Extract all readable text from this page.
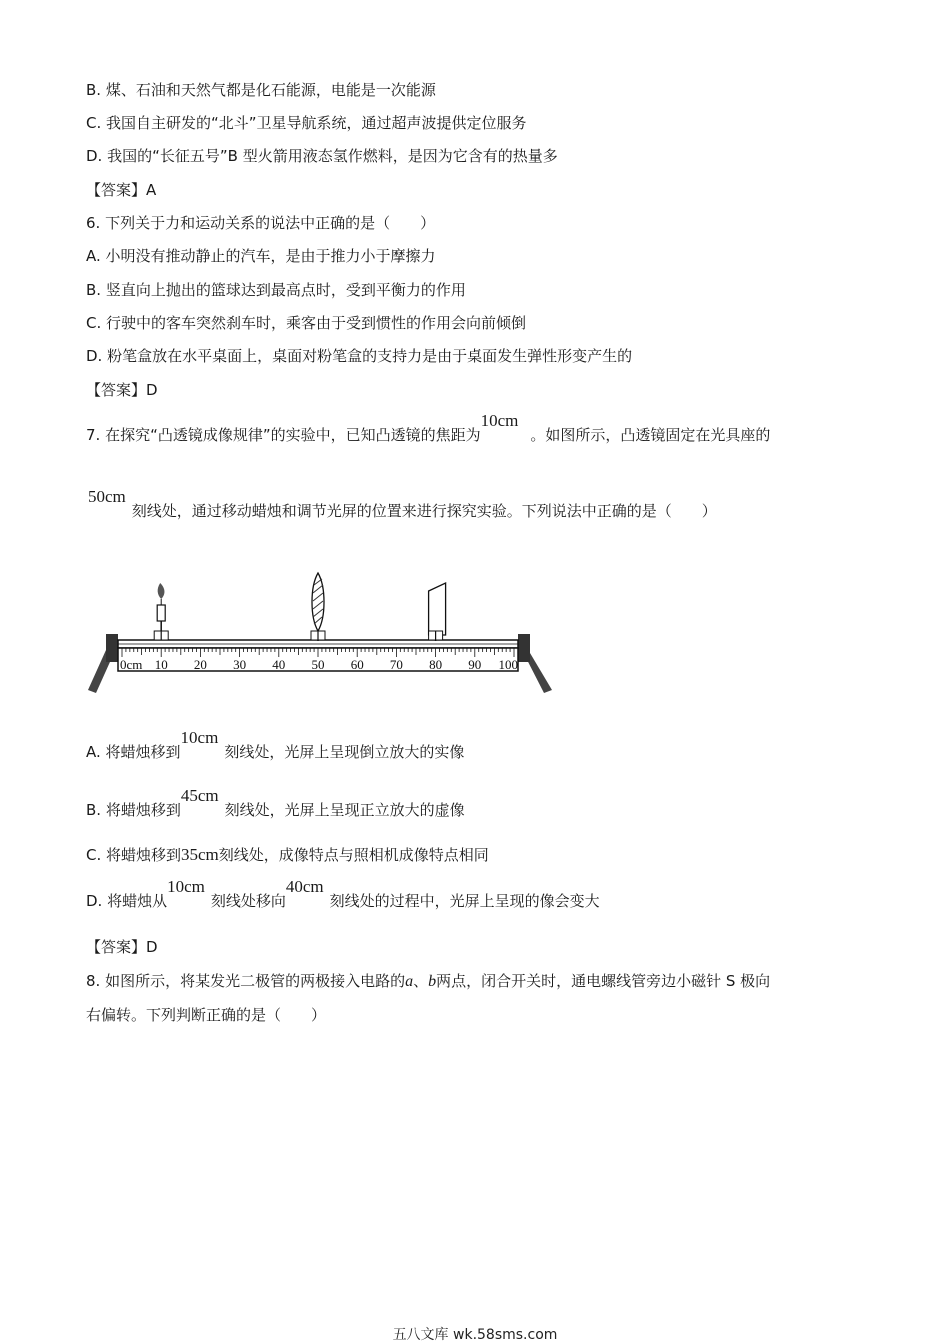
B. 煤、石油和天然气都是化石能源，电能是一次能源
C. 我国自主研发的“北斗”卫星导航系统，通过超声波提供定位服务
D. 我国的“长征五号”B 型火箭用液态氢作燃料，是因为它含有的热量多
【答案】A
6. 下列关于力和运动关系的说法中正确的是（　　）
A. 小明没有推动静止的汽车，是由于推力小于摩擦力
B. 竖直向上抛出的篮球达到最高点时，受到平衡力的作用
C. 行驶中的客车突然刹车时，乘客由于受到惯性的作用会向前倾倒
D. 粉笔盒放在水平桌面上，桌面对粉笔盒的支持力是由于桌面发生弹性形变产生的
【答案】D
7. 在探究“凸透镜成像规律”的实验中，已知凸透镜的焦距为10cm。如图所示，凸透镜固定在光具座的
50cm刻线处，通过移动蜡烛和调节光屏的位置来进行探究实验。下列说法中正确的是（　　）
0cm 10 20 30 40 50 60 70 80 90 100
A. 将蜡烛移到10cm刻线处，光屏上呈现倒立放大的实像
B. 将蜡烛移到45cm刻线处，光屏上呈现正立放大的虚像
C. 将蜡烛移到35cm刻线处，成像特点与照相机成像特点相同
D. 将蜡烛从10cm刻线处移向40cm刻线处的过程中，光屏上呈现的像会变大
【答案】D
8. 如图所示，将某发光二极管的两极接入电路的a、b两点，闭合开关时，通电螺线管旁边小磁针 S 极向
右偏转。下列判断正确的是（　　）
五八文库 wk.58sms.com
